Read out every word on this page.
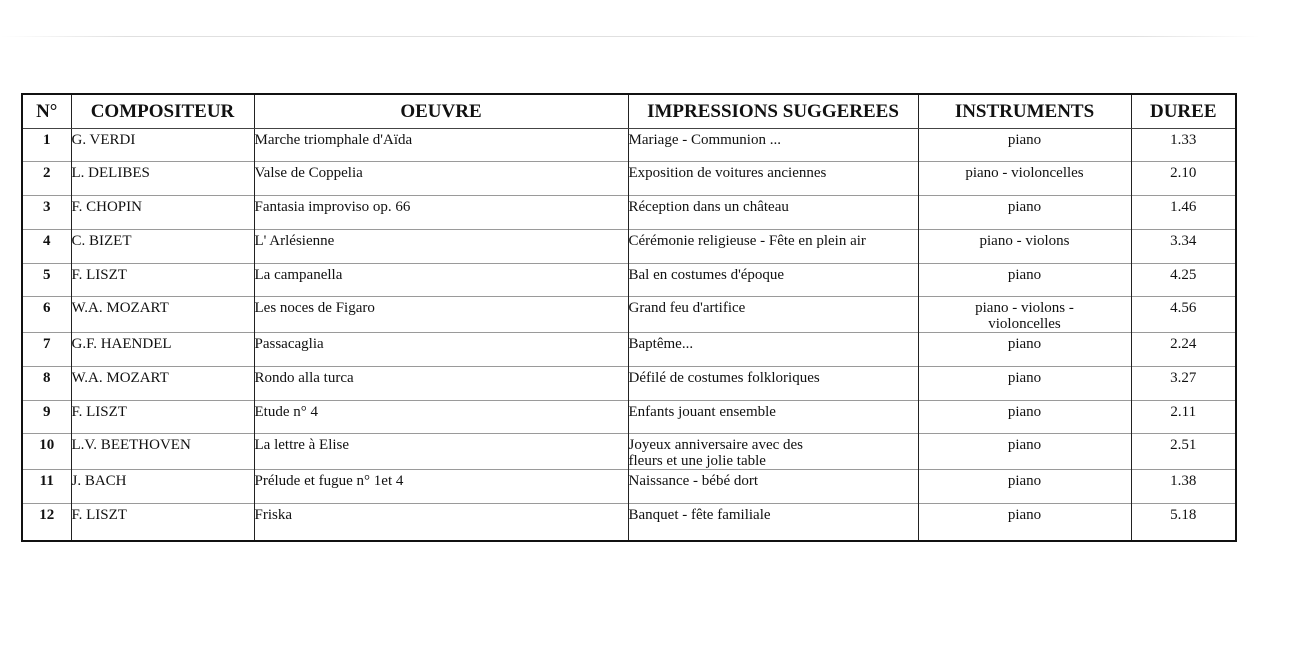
N°	COMPOSITEUR	OEUVRE	IMPRESSIONS SUGGEREES	INSTRUMENTS	DUREE
1	G. VERDI	Marche triomphale d'Aïda	Mariage - Communion ...	piano	1.33
2	L. DELIBES	Valse de Coppelia	Exposition de voitures anciennes	piano - violoncelles	2.10
3	F. CHOPIN	Fantasia improviso op. 66	Réception dans un château	piano	1.46
4	C. BIZET	L' Arlésienne	Cérémonie religieuse - Fête en plein air	piano - violons	3.34
5	F. LISZT	La campanella	Bal en costumes d'époque	piano	4.25
6	W.A. MOZART	Les noces de Figaro	Grand feu d'artifice	piano - violons -
violoncelles	4.56
7	G.F. HAENDEL	Passacaglia	Baptême...	piano	2.24
8	W.A. MOZART	Rondo alla turca	Défilé de costumes folkloriques	piano	3.27
9	F. LISZT	Etude n° 4	Enfants jouant ensemble	piano	2.11
10	L.V. BEETHOVEN	La lettre à Elise	Joyeux anniversaire avec des
fleurs et une jolie table	piano	2.51
11	J. BACH	Prélude et fugue n° 1et 4	Naissance - bébé dort	piano	1.38
12	F. LISZT	Friska	Banquet - fête familiale	piano	5.18
